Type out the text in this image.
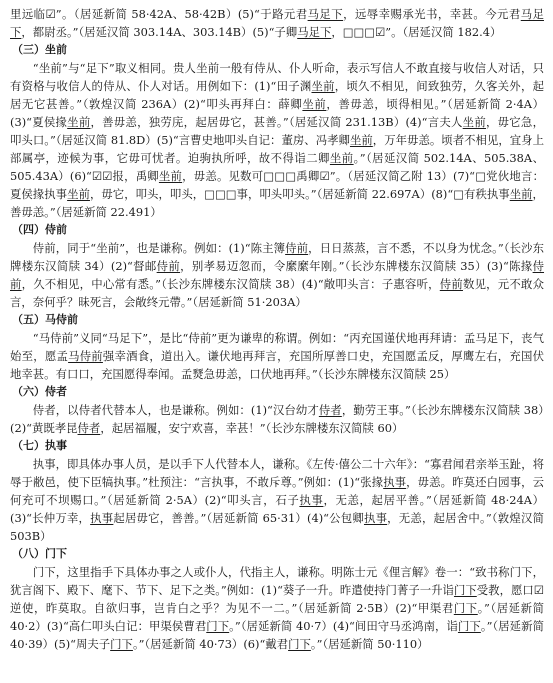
里远临☑”。（居延新简 58·42A、58·42B）(5)“于路元君马足下，远辱幸赐承光书，幸甚。今元君马足下，都尉丞。”（居延汉简 303.14A、303.14B）(5)“子卿马足下，□□□☑”。（居延汉简 182.4）

（三）坐前

“坐前”与“足下”取义相同。贵人坐前一般有侍从、仆人听命，表示写信人不敢直接与收信人对话，只有资格与收信人的侍从、仆人对话。用例如下：(1)“田子渊坐前，顷久不相见，间致独劳，久客关外，起居无它甚善。”（敦煌汉简 236A）(2)“叩头再拜白：薛卿坐前，善毋恙，顷得相见。”（居延新简 2·4A）(3)“夏侯掾坐前，善毋恙，独劳庑，起居毋它，甚善。”（居延汉简 231.13B）(4)“言夫人坐前，毋它急，叩头口。”（居延汉简 81.8D）(5)“言曹史地叩头自记：董房、冯孝卿坐前，万年毋恙。顷者不相见，宜身上部属亭，迹候为事，它毋可忧者。迫驹执所呼，故不得诣二卿坐前。”（居延汉简 502.14A、505.38A、505.43A）(6)“☑☑报，禹卿坐前，毋恙。见数可□□□禹卿☑”。（居延汉简乙附 13）(7)“□党伙地言：夏侯掾执事坐前，毋它，叩头，叩头，□□□事，叩头叩头。”（居延新简 22.697A）(8)“□有秩执事坐前，善毋恙。”（居延新简 22.491）

（四）侍前

侍前，同于“坐前”，也是谦称。例如：(1)“陈主簿侍前，日日蒸蒸，言不悉，不以身为忧念。”（长沙东牌楼东汉简牍 34）(2)“督邮侍前，别孝易迈忽而，令縻縻年刚。”（长沙东牌楼东汉简牍 35）(3)“陈掾侍前，久不相见，中心常有悉。”（长沙东牌楼东汉简牍 38）(4)“敞叩头言：子惠容听，侍前数见，元不敢众言，奈何乎？昧死言，会敞终元帶。”（居延新简 51·203A）

（五）马侍前

“马侍前”义同“马足下”，是比“侍前”更为谦卑的称谓。例如：“丙充国谨伏地再拜请：孟马足下，丧气始至，愿孟马侍前强幸酒食，道出入。谦伏地再拜言，充国所厚善口史，充国愿孟反，厚鹰左右，充国伏地幸甚。有口口，充国愿得奉闻。孟燹急毋恙，口伏地再拜。”（长沙东牌楼东汉简牍 25）

（六）侍者

侍者，以侍者代替本人，也是谦称。例如：(1)“汉台幼才侍者，勤劳王事。”（长沙东牌楼东汉简牍 38）(2)“黄既孝昆侍者，起居福履，安宁欢喜，幸甚！”（长沙东牌楼东汉简牍 60）

（七）执事

执事，即具体办事人员，是以手下人代替本人，谦称。《左传·僖公二十六年》：“寡君闻君亲举玉趾，将辱于敝邑，使下臣犒执事。”杜预注：“言执事，不敢斥尊。”例如：(1)“张掾执事，毋恙。昨莫还白园事，云何充可不坝赐口。”（居延新简 2·5A）(2)“叩头言，石子执事，无恙，起居平善。”（居延新简 48·24A）(3)“长仲万幸，执事起居毋它，善善。”（居延新简 65·31）(4)“公包卿执事，无恙，起居舍中。”（敦煌汉简 503B）

（八）门下

门下，这里指手下具体办事之人或仆人，代指主人，谦称。明陈士元《俚言解》卷一：“致书称门下，犹言阁下、殿下、麾下、节下、足下之类。”例如：(1)“葵子一升。昨遣使持门菁子一升诣门下受教，愿口☑逆使，昨莫取。自欲归事，岂肯白之乎？为见不一二。”（居延新简 2·5B）(2)“甲渠君门下。”（居延新简 40·2）(3)“高仁叩头白记：甲渠侯曹君门下。”（居延新简 40·7）(4)“间田守马丞鸿南，诣门下。”（居延新简 40·39）(5)“周夫子门下。”（居延新简 40·73）(6)“戴君门下。”（居延新简 50·110）
